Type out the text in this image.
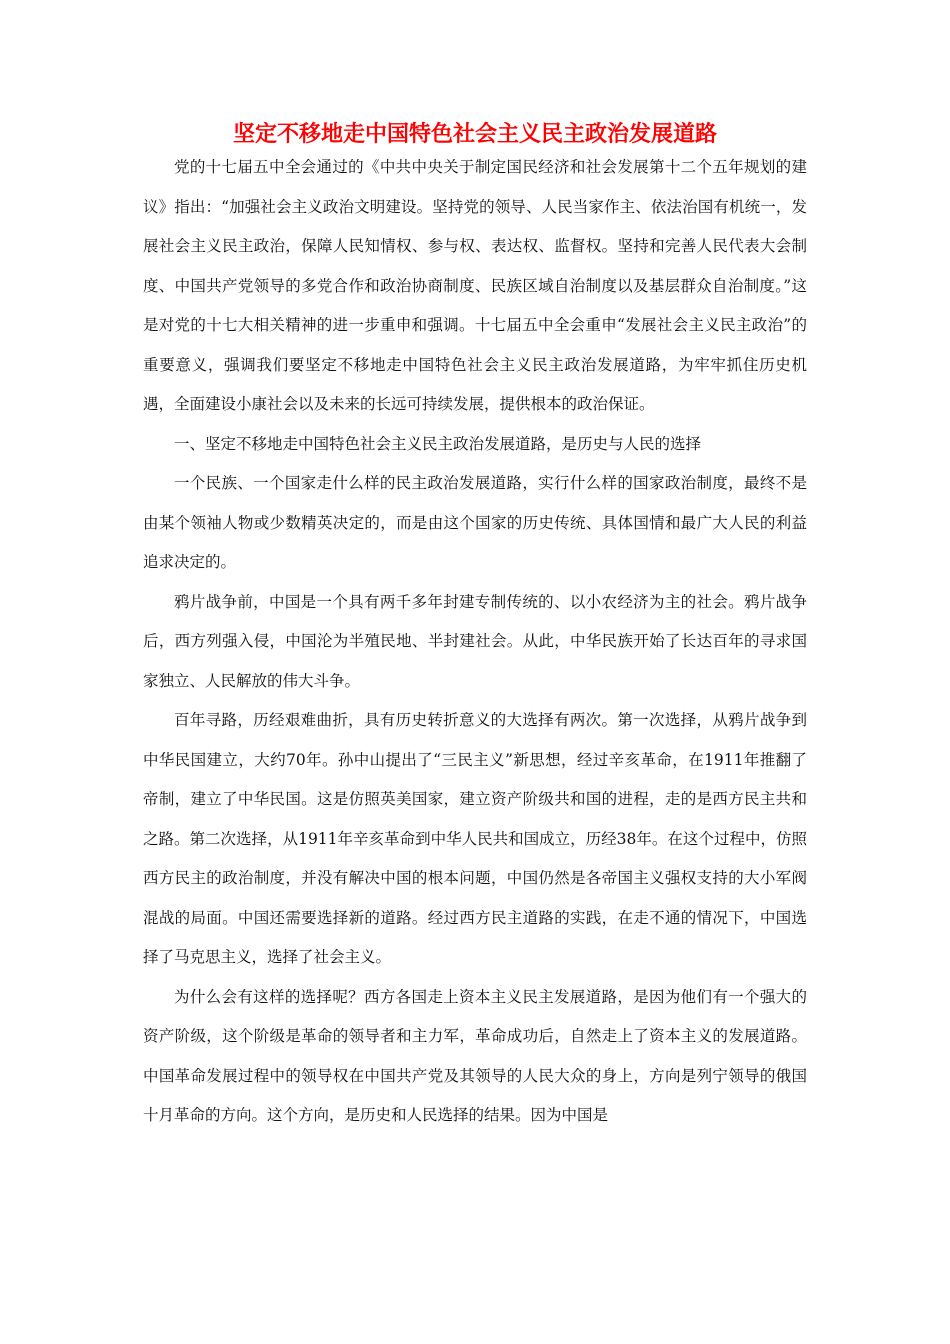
坚定不移地走中国特色社会主义民主政治发展道路

党的十七届五中全会通过的《中共中央关于制定国民经济和社会发展第十二个五年规划的建议》指出：“加强社会主义政治文明建设。坚持党的领导、人民当家作主、依法治国有机统一，发展社会主义民主政治，保障人民知情权、参与权、表达权、监督权。坚持和完善人民代表大会制度、中国共产党领导的多党合作和政治协商制度、民族区域自治制度以及基层群众自治制度。”这是对党的十七大相关精神的进一步重申和强调。十七届五中全会重申“发展社会主义民主政治”的重要意义，强调我们要坚定不移地走中国特色社会主义民主政治发展道路，为牢牢抓住历史机遇，全面建设小康社会以及未来的长远可持续发展，提供根本的政治保证。

一、坚定不移地走中国特色社会主义民主政治发展道路，是历史与人民的选择

一个民族、一个国家走什么样的民主政治发展道路，实行什么样的国家政治制度，最终不是由某个领袖人物或少数精英决定的，而是由这个国家的历史传统、具体国情和最广大人民的利益追求决定的。

鸦片战争前，中国是一个具有两千多年封建专制传统的、以小农经济为主的社会。鸦片战争后，西方列强入侵，中国沦为半殖民地、半封建社会。从此，中华民族开始了长达百年的寻求国家独立、人民解放的伟大斗争。

百年寻路，历经艰难曲折，具有历史转折意义的大选择有两次。第一次选择，从鸦片战争到中华民国建立，大约70年。孙中山提出了“三民主义”新思想，经过辛亥革命，在1911年推翻了帝制，建立了中华民国。这是仿照英美国家，建立资产阶级共和国的进程，走的是西方民主共和之路。第二次选择，从1911年辛亥革命到中华人民共和国成立，历经38年。在这个过程中，仿照西方民主的政治制度，并没有解决中国的根本问题，中国仍然是各帝国主义强权支持的大小军阀混战的局面。中国还需要选择新的道路。经过西方民主道路的实践，在走不通的情况下，中国选择了马克思主义，选择了社会主义。

为什么会有这样的选择呢？西方各国走上资本主义民主发展道路，是因为他们有一个强大的资产阶级，这个阶级是革命的领导者和主力军，革命成功后，自然走上了资本主义的发展道路。中国革命发展过程中的领导权在中国共产党及其领导的人民大众的身上，方向是列宁领导的俄国十月革命的方向。这个方向，是历史和人民选择的结果。因为中国是
